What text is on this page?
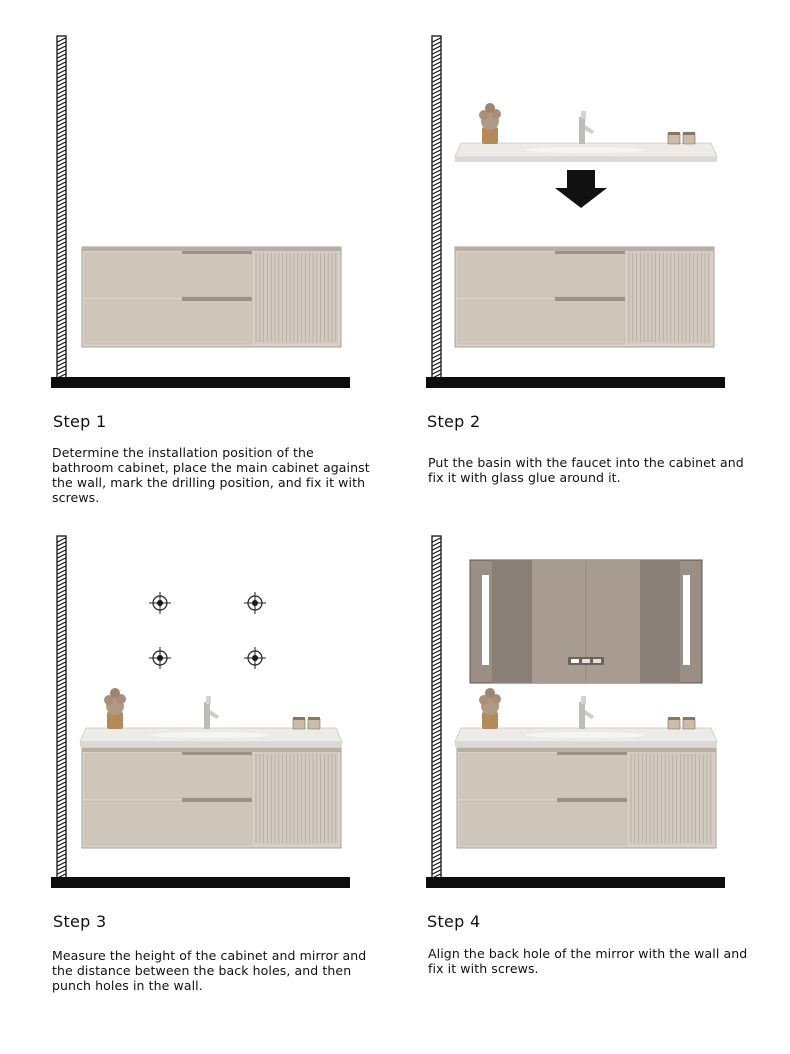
Step 1
Determine the installation position of the bathroom cabinet, place the main cabinet against the wall, mark the drilling position, and fix it with screws.
Step 2
Put the basin with the faucet into the cabinet and fix it with glass glue around it.
Step 3
Measure the height of the cabinet and mirror and the distance between the back holes, and then punch holes in the wall.
Step 4
Align the back hole of the mirror with the wall and fix it with screws.
